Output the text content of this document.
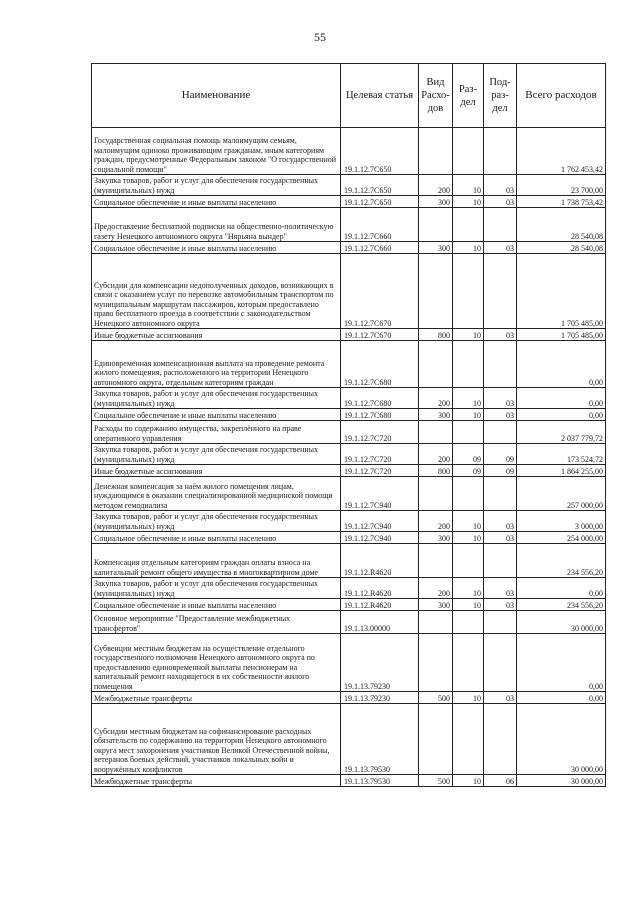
55
Наименование	Целевая статья	Вид Расхо-дов	Раз-дел	Под-раз-дел	Всего расходов
Государственная социальная помощь малоимущим семьям, малоимущим одиноко проживающим гражданам, иным категориям граждан, предусмотренные Федеральным законом "О государственной социальной помощи"	19.1.12.7С650				1 762 453,42
Закупка товаров, работ и услуг для обеспечения государственных (муниципальных) нужд	19.1.12.7С650	200	10	03	23 700,00
Социальное обеспечение и иные выплаты населению	19.1.12.7С650	300	10	03	1 738 753,42
Предоставление бесплатной подписки на общественно-политическую газету Ненецкого автономного округа "Нярьяна вындер"	19.1.12.7С660				28 540,08
Социальное обеспечение и иные выплаты населению	19.1.12.7С660	300	10	03	28 540,08
Субсидии для компенсации недополученных доходов, возникающих в связи с оказанием услуг по перевозке автомобильным транспортом по муниципальным маршрутам пассажиров, которым предоставлено право бесплатного проезда в соответствии с законодательством Ненецкого автономного округа	19.1.12.7С670				1 705 485,00
Иные бюджетные ассигнования	19.1.12.7С670	800	10	03	1 705 485,00
Единовременная компенсационная выплата на проведение ремонта жилого помещения, расположенного на территории Ненецкого автономного округа, отдельным категориям граждан	19.1.12.7С680				0,00
Закупка товаров, работ и услуг для обеспечения государственных (муниципальных) нужд	19.1.12.7С680	200	10	03	0,00
Социальное обеспечение и иные выплаты населению	19.1.12.7С680	300	10	03	0,00
Расходы по содержанию имущества, закреплённого на праве оперативного управления	19.1.12.7С720				2 037 779,72
Закупка товаров, работ и услуг для обеспечения государственных (муниципальных) нужд	19.1.12.7С720	200	09	09	173 524,72
Иные бюджетные ассигнования	19.1.12.7С720	800	09	09	1 864 255,00
Денежная компенсация за наём жилого помещения лицам, нуждающимся в оказании специализированной медицинской помощи методом гемодиализа	19.1.12.7С940				257 000,00
Закупка товаров, работ и услуг для обеспечения государственных (муниципальных) нужд	19.1.12.7С940	200	10	03	3 000,00
Социальное обеспечение и иные выплаты населению	19.1.12.7С940	300	10	03	254 000,00
Компенсация отдельным категориям граждан оплаты взноса на капитальный ремонт общего имущества в многоквартирном доме	19.1.12.R4620				234 556,20
Закупка товаров, работ и услуг для обеспечения государственных (муниципальных) нужд	19.1.12.R4620	200	10	03	0,00
Социальное обеспечение и иные выплаты населению	19.1.12.R4620	300	10	03	234 556,20
Основное мероприятие "Предоставление межбюджетных трансфертов"	19.1.13.00000				30 000,00
Субвенции местным бюджетам на осуществление отдельного государственного полномочия Ненецкого автономного округа по предоставлению единовременной выплаты пенсионерам на капитальный ремонт находящегося в их собственности жилого помещения	19.1.13.79230				0,00
Межбюджетные трансферты	19.1.13.79230	500	10	03	0,00
Субсидии местным бюджетам на софинансирование расходных обязательств по содержанию на территории Ненецкого автономного округа мест захоронения участников Великой Отечественной войны, ветеранов боевых действий, участников локальных войн и вооружённых конфликтов	19.1.13.79530				30 000,00
Межбюджетные трансферты	19.1.13.79530	500	10	06	30 000,00
